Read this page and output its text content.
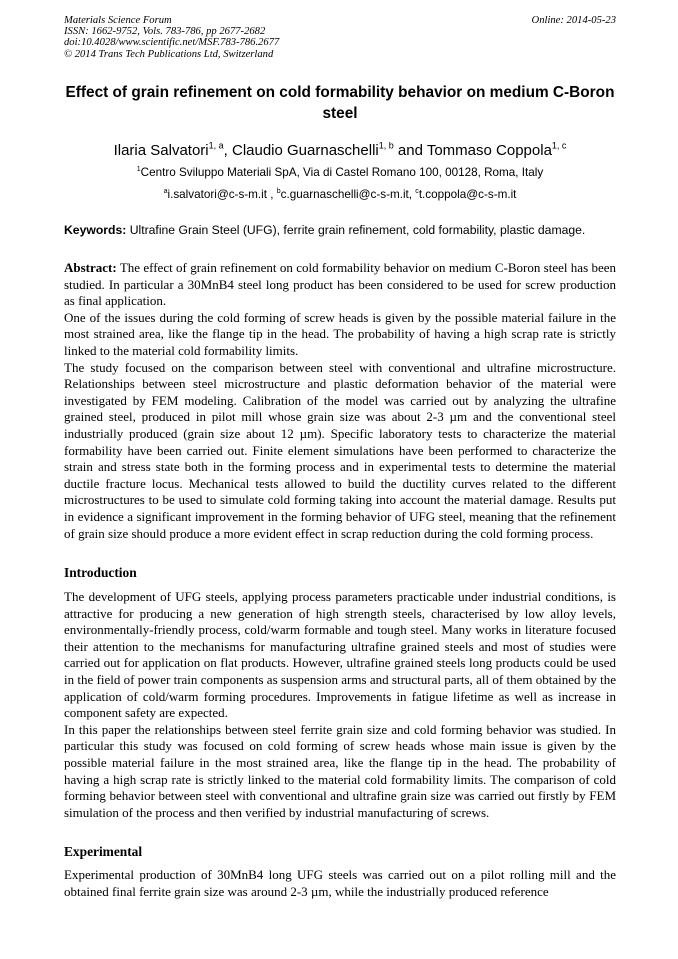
Materials Science Forum
ISSN: 1662-9752, Vols. 783-786, pp 2677-2682
doi:10.4028/www.scientific.net/MSF.783-786.2677
© 2014 Trans Tech Publications Ltd, Switzerland
Online: 2014-05-23
Effect of grain refinement on cold formability behavior on medium C-Boron steel
Ilaria Salvatori$^{1, a}$, Claudio Guarnaschelli$^{1, b}$ and Tommaso Coppola$^{1, c}$
$^1$Centro Sviluppo Materiali SpA, Via di Castel Romano 100, 00128, Roma, Italy
$^a$i.salvatori@c-s-m.it , $^b$c.guarnaschelli@c-s-m.it, $^c$t.coppola@c-s-m.it
Keywords: Ultrafine Grain Steel (UFG), ferrite grain refinement, cold formability, plastic damage.

Abstract: The effect of grain refinement on cold formability behavior on medium C-Boron steel has been studied. In particular a 30MnB4 steel long product has been considered to be used for screw production as final application.

One of the issues during the cold forming of screw heads is given by the possible material failure in the most strained area, like the flange tip in the head. The probability of having a high scrap rate is strictly linked to the material cold formability limits.

The study focused on the comparison between steel with conventional and ultrafine microstructure. Relationships between steel microstructure and plastic deformation behavior of the material were investigated by FEM modeling. Calibration of the model was carried out by analyzing the ultrafine grained steel, produced in pilot mill whose grain size was about 2-3 µm and the conventional steel industrially produced (grain size about 12 µm). Specific laboratory tests to characterize the material formability have been carried out. Finite element simulations have been performed to characterize the strain and stress state both in the forming process and in experimental tests to determine the material ductile fracture locus. Mechanical tests allowed to build the ductility curves related to the different microstructures to be used to simulate cold forming taking into account the material damage. Results put in evidence a significant improvement in the forming behavior of UFG steel, meaning that the refinement of grain size should produce a more evident effect in scrap reduction during the cold forming process.

Introduction

The development of UFG steels, applying process parameters practicable under industrial conditions, is attractive for producing a new generation of high strength steels, characterised by low alloy levels, environmentally-friendly process, cold/warm formable and tough steel. Many works in literature focused their attention to the mechanisms for manufacturing ultrafine grained steels and most of studies were carried out for application on flat products. However, ultrafine grained steels long products could be used in the field of power train components as suspension arms and structural parts, all of them obtained by the application of cold/warm forming procedures. Improvements in fatigue lifetime as well as increase in component safety are expected.

In this paper the relationships between steel ferrite grain size and cold forming behavior was studied. In particular this study was focused on cold forming of screw heads whose main issue is given by the possible material failure in the most strained area, like the flange tip in the head. The probability of having a high scrap rate is strictly linked to the material cold formability limits. The comparison of cold forming behavior between steel with conventional and ultrafine grain size was carried out firstly by FEM simulation of the process and then verified by industrial manufacturing of screws.

Experimental

Experimental production of 30MnB4 long UFG steels was carried out on a pilot rolling mill and the obtained final ferrite grain size was around 2-3 µm, while the industrially produced reference
